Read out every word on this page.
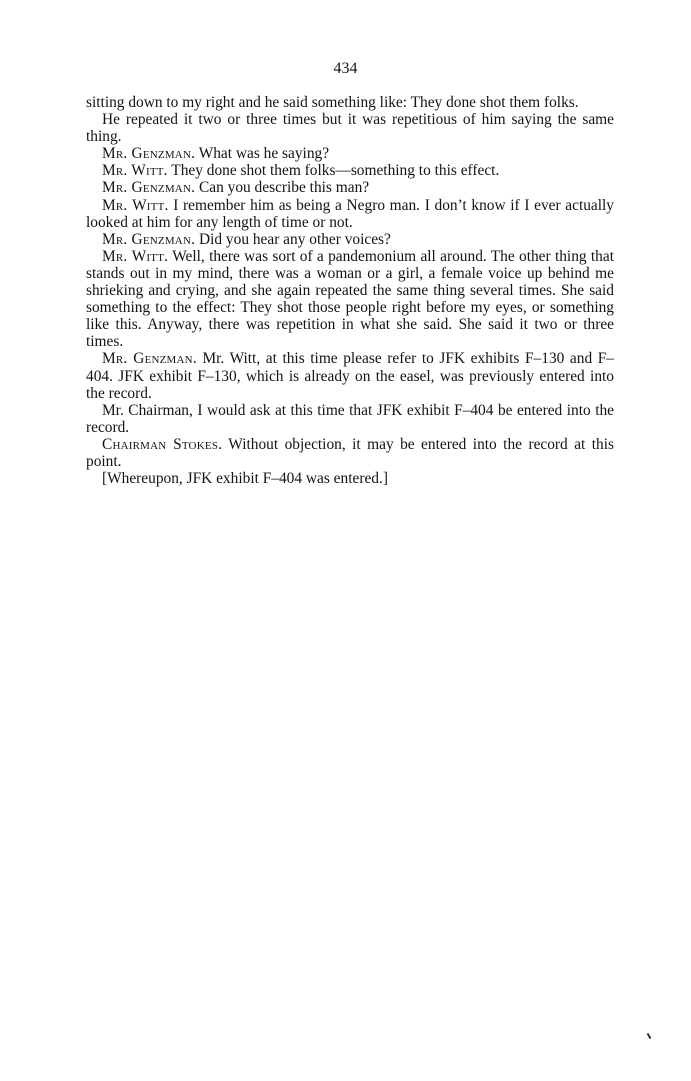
434

sitting down to my right and he said something like: They done shot them folks.

He repeated it two or three times but it was repetitious of him saying the same thing.

Mr. Genzman. What was he saying?

Mr. Witt. They done shot them folks—something to this effect.

Mr. Genzman. Can you describe this man?

Mr. Witt. I remember him as being a Negro man. I don’t know if I ever actually looked at him for any length of time or not.

Mr. Genzman. Did you hear any other voices?

Mr. Witt. Well, there was sort of a pandemonium all around. The other thing that stands out in my mind, there was a woman or a girl, a female voice up behind me shrieking and crying, and she again repeated the same thing several times. She said something to the effect: They shot those people right before my eyes, or something like this. Anyway, there was repetition in what she said. She said it two or three times.

Mr. Genzman. Mr. Witt, at this time please refer to JFK exhibits F–130 and F–404. JFK exhibit F–130, which is already on the easel, was previously entered into the record.

Mr. Chairman, I would ask at this time that JFK exhibit F–404 be entered into the record.

Chairman Stokes. Without objection, it may be entered into the record at this point.

[Whereupon, JFK exhibit F–404 was entered.]
